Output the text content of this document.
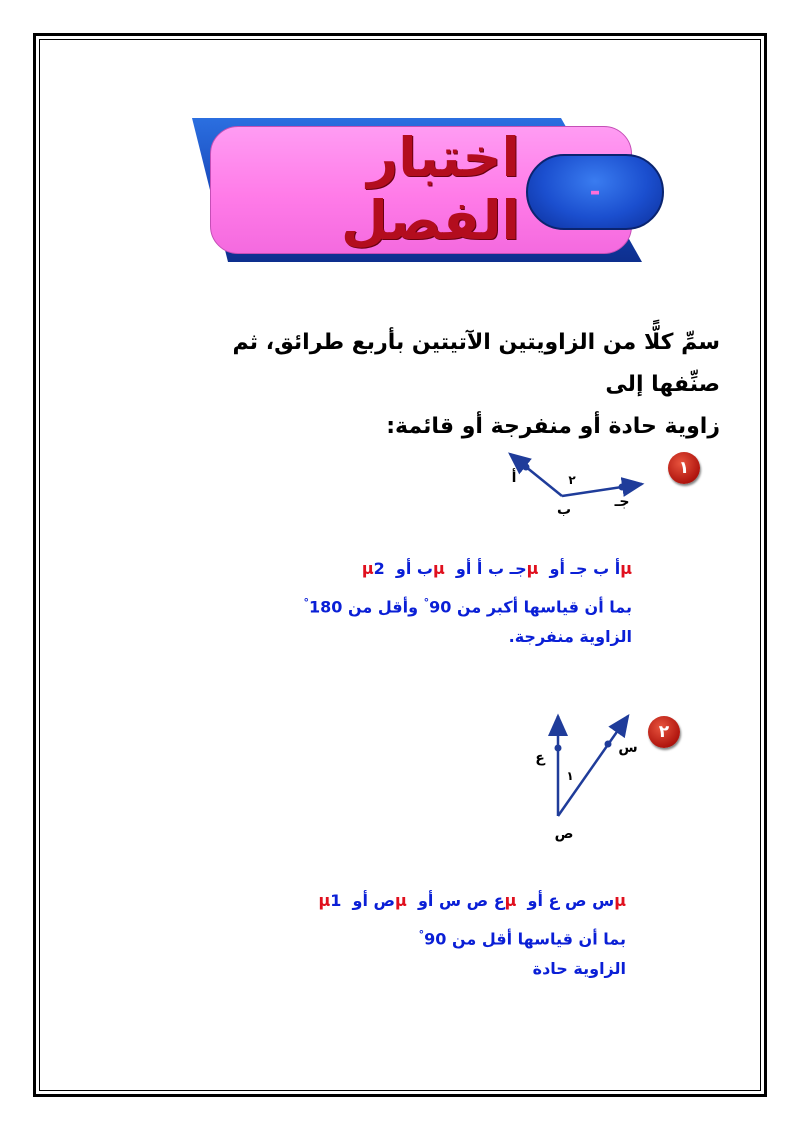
اختبار الفصل	-
سمِّ كلًّا من الزاويتين الآتيتين بأربع طرائق، ثم صنِّفها إلى
زاوية حادة أو منفرجة أو قائمة:
١
أ
ب	جـ
٢
µأ ب جـ أو  µجـ ب أ أو  µب أو  µ2
بما أن قياسها أكبر من 90° وأقل من 180°
الزاوية منفرجة.
٢
ع
س
ص
١
µس ص ع أو  µع ص س أو  µص أو  µ1
بما أن قياسها أقل من 90°
الزاوية حادة
